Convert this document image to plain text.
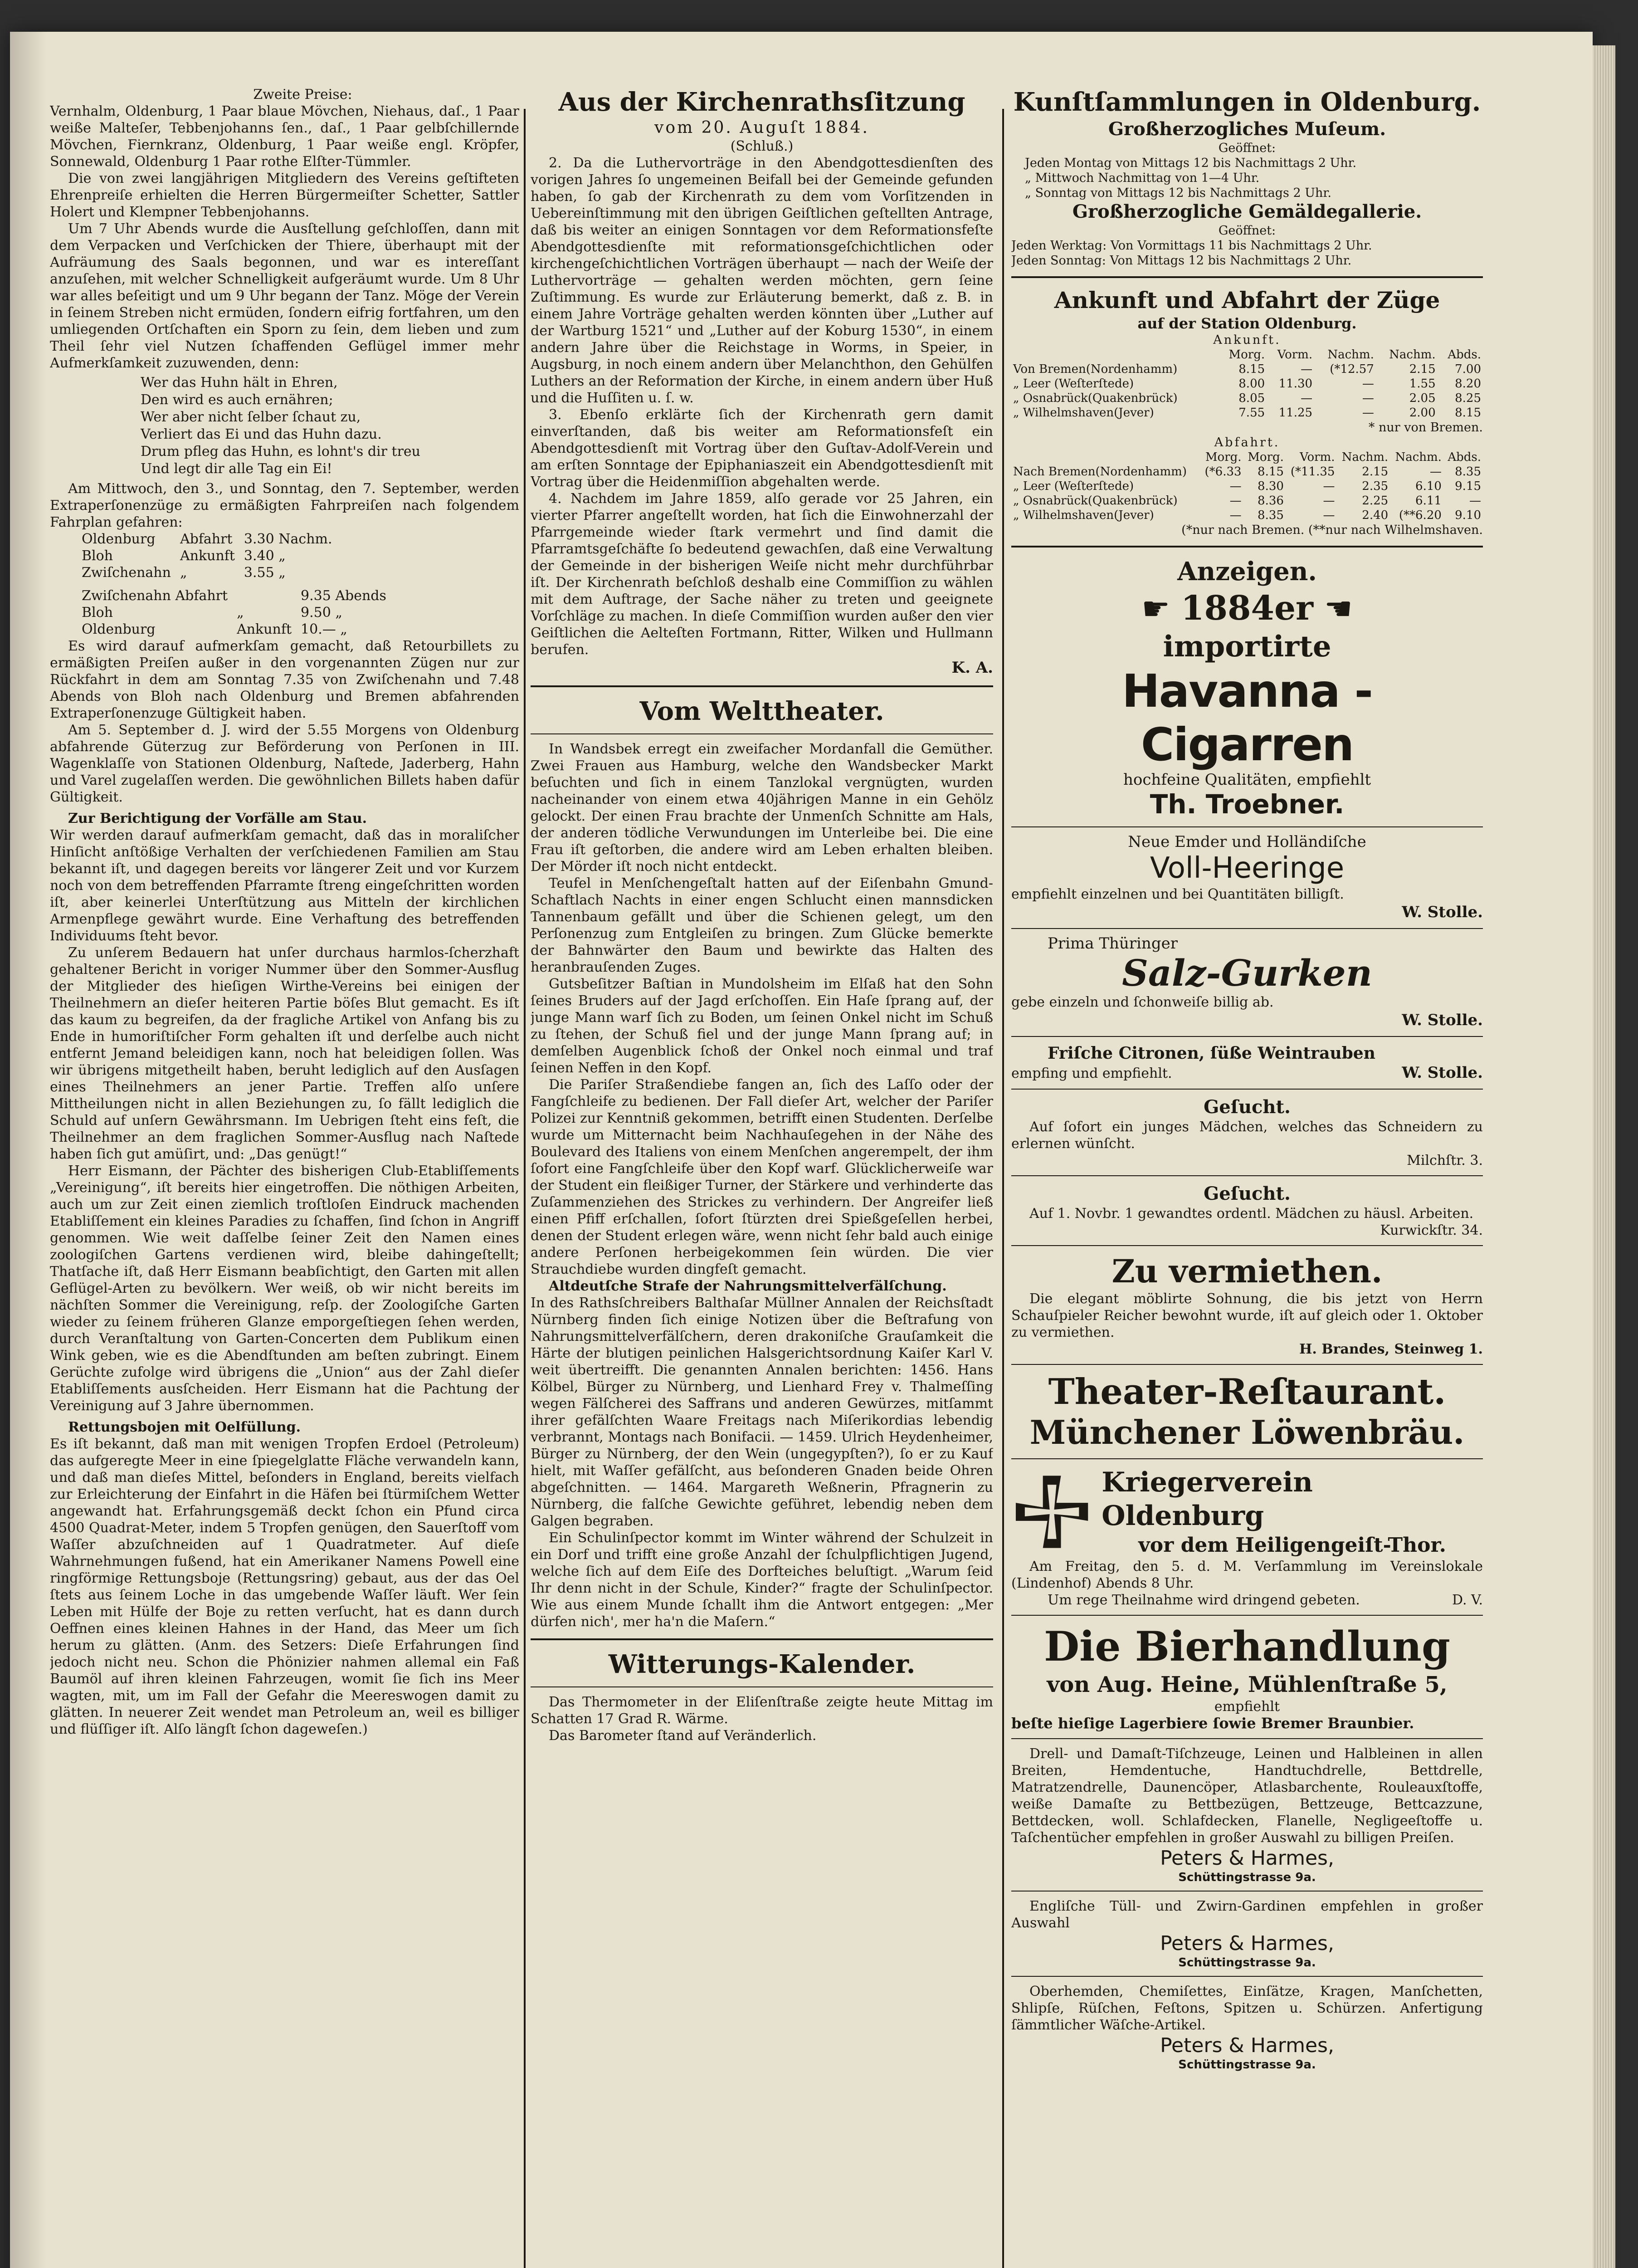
Zweite Preise:

Vernhalm, Oldenburg, 1 Paar blaue Mövchen, Niehaus, daſ., 1 Paar weiße Malteſer, Tebbenjohanns ſen., daſ., 1 Paar gelbſchillernde Mövchen, Fiernkranz, Oldenburg, 1 Paar weiße engl. Kröpfer, Sonnewald, Oldenburg 1 Paar rothe Elſter-Tümmler.

Die von zwei langjährigen Mitgliedern des Vereins geſtifteten Ehrenpreiſe erhielten die Herren Bürgermeiſter Schetter, Sattler Holert und Klempner Tebbenjohanns.

Um 7 Uhr Abends wurde die Ausſtellung geſchloſſen, dann mit dem Verpacken und Verſchicken der Thiere, überhaupt mit der Aufräumung des Saals begonnen, und war es intereſſant anzuſehen, mit welcher Schnelligkeit aufgeräumt wurde. Um 8 Uhr war alles beſeitigt und um 9 Uhr begann der Tanz. Möge der Verein in ſeinem Streben nicht ermüden, ſondern eifrig fortfahren, um den umliegenden Ortſchaften ein Sporn zu ſein, dem lieben und zum Theil ſehr viel Nutzen ſchaffenden Geflügel immer mehr Aufmerkſamkeit zuzuwenden, denn:

Wer das Huhn hält in Ehren,
Den wird es auch ernähren;
Wer aber nicht ſelber ſchaut zu,
Verliert das Ei und das Huhn dazu.
Drum pfleg das Huhn, es lohnt's dir treu
Und legt dir alle Tag ein Ei!

Am Mittwoch, den 3., und Sonntag, den 7. September, werden Extraperſonenzüge zu ermäßigten Fahrpreiſen nach folgendem Fahrplan gefahren:

Oldenburg	Abfahrt	3.30 Nachm.
Bloh	Ankunft	3.40 „
Zwiſchenahn	„	3.55 „
Zwiſchenahn Abfahrt		9.35 Abends
Bloh	„	9.50 „
Oldenburg	Ankunft	10.— „

Es wird darauf aufmerkſam gemacht, daß Retourbillets zu ermäßigten Preiſen außer in den vorgenannten Zügen nur zur Rückfahrt in dem am Sonntag 7.35 von Zwiſchenahn und 7.48 Abends von Bloh nach Oldenburg und Bremen abfahrenden Extraperſonenzuge Gültigkeit haben.

Am 5. September d. J. wird der 5.55 Morgens von Oldenburg abfahrende Güterzug zur Beförderung von Perſonen in III. Wagenklaſſe von Stationen Oldenburg, Naſtede, Jaderberg, Hahn und Varel zugelaſſen werden. Die gewöhnlichen Billets haben dafür Gültigkeit.

Zur Berichtigung der Vorfälle am Stau.

Wir werden darauf aufmerkſam gemacht, daß das in moraliſcher Hinſicht anſtößige Verhalten der verſchiedenen Familien am Stau bekannt iſt, und dagegen bereits vor längerer Zeit und vor Kurzem noch von dem betreffenden Pfarramte ſtreng eingeſchritten worden iſt, aber keinerlei Unterſtützung aus Mitteln der kirchlichen Armenpflege gewährt wurde. Eine Verhaftung des betreffenden Individuums ſteht bevor.

Zu unſerem Bedauern hat unſer durchaus harmlos-ſcherzhaft gehaltener Bericht in voriger Nummer über den Sommer-Ausflug der Mitglieder des hieſigen Wirthe-Vereins bei einigen der Theilnehmern an dieſer heiteren Partie böſes Blut gemacht. Es iſt das kaum zu begreifen, da der fragliche Artikel von Anfang bis zu Ende in humoriſtiſcher Form gehalten iſt und derſelbe auch nicht entfernt Jemand beleidigen kann, noch hat beleidigen ſollen. Was wir übrigens mitgetheilt haben, beruht lediglich auf den Ausſagen eines Theilnehmers an jener Partie. Treffen alſo unſere Mittheilungen nicht in allen Beziehungen zu, ſo fällt lediglich die Schuld auf unſern Gewährsmann. Im Uebrigen ſteht eins feſt, die Theilnehmer an dem fraglichen Sommer-Ausflug nach Naſtede haben ſich gut amüſirt, und: „Das genügt!“

Herr Eismann, der Pächter des bisherigen Club-Etabliſſements „Vereinigung“, iſt bereits hier eingetroffen. Die nöthigen Arbeiten, auch um zur Zeit einen ziemlich troſtloſen Eindruck machenden Etabliſſement ein kleines Paradies zu ſchaffen, ſind ſchon in Angriff genommen. Wie weit daſſelbe ſeiner Zeit den Namen eines zoologiſchen Gartens verdienen wird, bleibe dahingeſtellt; Thatſache iſt, daß Herr Eismann beabſichtigt, den Garten mit allen Geflügel-Arten zu bevölkern. Wer weiß, ob wir nicht bereits im nächſten Sommer die Vereinigung, reſp. der Zoologiſche Garten wieder zu ſeinem früheren Glanze emporgeſtiegen ſehen werden, durch Veranſtaltung von Garten-Concerten dem Publikum einen Wink geben, wie es die Abendſtunden am beſten zubringt. Einem Gerüchte zufolge wird übrigens die „Union“ aus der Zahl dieſer Etabliſſements ausſcheiden. Herr Eismann hat die Pachtung der Vereinigung auf 3 Jahre übernommen.

Rettungsbojen mit Oelfüllung.

Es iſt bekannt, daß man mit wenigen Tropfen Erdoel (Petroleum) das aufgeregte Meer in eine ſpiegelglatte Fläche verwandeln kann, und daß man dieſes Mittel, beſonders in England, bereits vielfach zur Erleichterung der Einfahrt in die Häfen bei ſtürmiſchem Wetter angewandt hat. Erfahrungsgemäß deckt ſchon ein Pfund circa 4500 Quadrat-Meter, indem 5 Tropfen genügen, den Sauerſtoff vom Waſſer abzuſchneiden auf 1 Quadratmeter. Auf dieſe Wahrnehmungen fußend, hat ein Amerikaner Namens Powell eine ringförmige Rettungsboje (Rettungsring) gebaut, aus der das Oel ſtets aus ſeinem Loche in das umgebende Waſſer läuft. Wer ſein Leben mit Hülfe der Boje zu retten verſucht, hat es dann durch Oeffnen eines kleinen Hahnes in der Hand, das Meer um ſich herum zu glätten. (Anm. des Setzers: Dieſe Erfahrungen ſind jedoch nicht neu. Schon die Phönizier nahmen allemal ein Faß Baumöl auf ihren kleinen Fahrzeugen, womit ſie ſich ins Meer wagten, mit, um im Fall der Gefahr die Meereswogen damit zu glätten. In neuerer Zeit wendet man Petroleum an, weil es billiger und flüſſiger iſt. Alſo längſt ſchon dageweſen.)

Aus der Kirchenrathsſitzung

vom 20. Auguſt 1884.

(Schluß.)

2. Da die Luthervorträge in den Abendgottesdienſten des vorigen Jahres ſo ungemeinen Beifall bei der Gemeinde gefunden haben, ſo gab der Kirchenrath zu dem vom Vorſitzenden in Uebereinſtimmung mit den übrigen Geiſtlichen geſtellten Antrage, daß bis weiter an einigen Sonntagen vor dem Reformationsfeſte Abendgottesdienſte mit reformationsgeſchichtlichen oder kirchengeſchichtlichen Vorträgen überhaupt — nach der Weiſe der Luthervorträge — gehalten werden möchten, gern ſeine Zuſtimmung. Es wurde zur Erläuterung bemerkt, daß z. B. in einem Jahre Vorträge gehalten werden könnten über „Luther auf der Wartburg 1521“ und „Luther auf der Koburg 1530“, in einem andern Jahre über die Reichstage in Worms, in Speier, in Augsburg, in noch einem andern über Melanchthon, den Gehülfen Luthers an der Reformation der Kirche, in einem andern über Huß und die Huſſiten u. ſ. w.

3. Ebenſo erklärte ſich der Kirchenrath gern damit einverſtanden, daß bis weiter am Reformationsfeſt ein Abendgottesdienſt mit Vortrag über den Guſtav-Adolf-Verein und am erſten Sonntage der Epiphaniaszeit ein Abendgottesdienſt mit Vortrag über die Heidenmiſſion abgehalten werde.

4. Nachdem im Jahre 1859, alſo gerade vor 25 Jahren, ein vierter Pfarrer angeſtellt worden, hat ſich die Einwohnerzahl der Pfarrgemeinde wieder ſtark vermehrt und ſind damit die Pfarramtsgeſchäfte ſo bedeutend gewachſen, daß eine Verwaltung der Gemeinde in der bisherigen Weiſe nicht mehr durchführbar iſt. Der Kirchenrath beſchloß deshalb eine Commiſſion zu wählen mit dem Auftrage, der Sache näher zu treten und geeignete Vorſchläge zu machen. In dieſe Commiſſion wurden außer den vier Geiſtlichen die Aelteſten Fortmann, Ritter, Wilken und Hullmann berufen.

K. A.

Vom Welttheater.

In Wandsbek erregt ein zweifacher Mordanfall die Gemüther. Zwei Frauen aus Hamburg, welche den Wandsbecker Markt beſuchten und ſich in einem Tanzlokal vergnügten, wurden nacheinander von einem etwa 40jährigen Manne in ein Gehölz gelockt. Der einen Frau brachte der Unmenſch Schnitte am Hals, der anderen tödliche Verwundungen im Unterleibe bei. Die eine Frau iſt geſtorben, die andere wird am Leben erhalten bleiben. Der Mörder iſt noch nicht entdeckt.

Teufel in Menſchengeſtalt hatten auf der Eiſenbahn Gmund-Schaftlach Nachts in einer engen Schlucht einen mannsdicken Tannenbaum gefällt und über die Schienen gelegt, um den Perſonenzug zum Entgleiſen zu bringen. Zum Glücke bemerkte der Bahnwärter den Baum und bewirkte das Halten des heranbrauſenden Zuges.

Gutsbeſitzer Baſtian in Mundolsheim im Elſaß hat den Sohn ſeines Bruders auf der Jagd erſchoſſen. Ein Haſe ſprang auf, der junge Mann warf ſich zu Boden, um ſeinen Onkel nicht im Schuß zu ſtehen, der Schuß fiel und der junge Mann ſprang auf; in demſelben Augenblick ſchoß der Onkel noch einmal und traf ſeinen Neffen in den Kopf.

Die Pariſer Straßendiebe fangen an, ſich des Laſſo oder der Fangſchleife zu bedienen. Der Fall dieſer Art, welcher der Pariſer Polizei zur Kenntniß gekommen, betrifft einen Studenten. Derſelbe wurde um Mitternacht beim Nachhauſegehen in der Nähe des Boulevard des Italiens von einem Menſchen angerempelt, der ihm ſofort eine Fangſchleife über den Kopf warf. Glücklicherweiſe war der Student ein fleißiger Turner, der Stärkere und verhinderte das Zuſammenziehen des Strickes zu verhindern. Der Angreifer ließ einen Pfiff erſchallen, ſofort ſtürzten drei Spießgeſellen herbei, denen der Student erlegen wäre, wenn nicht ſehr bald auch einige andere Perſonen herbeigekommen ſein würden. Die vier Strauchdiebe wurden dingfeſt gemacht.

Altdeutſche Strafe der Nahrungsmittelverfälſchung.

In des Rathsſchreibers Balthaſar Müllner Annalen der Reichsſtadt Nürnberg finden ſich einige Notizen über die Beſtrafung von Nahrungsmittelverfälſchern, deren drakoniſche Grauſamkeit die Härte der blutigen peinlichen Halsgerichtsordnung Kaiſer Karl V. weit übertreifft. Die genannten Annalen berichten: 1456. Hans Kölbel, Bürger zu Nürnberg, und Lienhard Frey v. Thalmeſſing wegen Fälſcherei des Saffrans und anderen Gewürzes, mitſammt ihrer gefälſchten Waare Freitags nach Miſerikordias lebendig verbrannt, Montags nach Bonifacii. — 1459. Ulrich Heydenheimer, Bürger zu Nürnberg, der den Wein (ungegypſten?), ſo er zu Kauf hielt, mit Waſſer gefälſcht, aus beſonderen Gnaden beide Ohren abgeſchnitten. — 1464. Margareth Weßnerin, Pfragnerin zu Nürnberg, die falſche Gewichte geführet, lebendig neben dem Galgen begraben.

Ein Schulinſpector kommt im Winter während der Schulzeit in ein Dorf und trifft eine große Anzahl der ſchulpflichtigen Jugend, welche ſich auf dem Eiſe des Dorfteiches beluſtigt. „Warum ſeid Ihr denn nicht in der Schule, Kinder?“ fragte der Schulinſpector. Wie aus einem Munde ſchallt ihm die Antwort entgegen: „Mer dürfen nich', mer ha'n die Maſern.“

Witterungs-Kalender.

Das Thermometer in der Eliſenſtraße zeigte heute Mittag im Schatten 17 Grad R. Wärme.

Das Barometer ſtand auf Veränderlich.

Kunſtſammlungen in Oldenburg.

Großherzogliches Muſeum.

Geöffnet:

Jeden Montag von Mittags 12 bis Nachmittags 2 Uhr.

„ Mittwoch Nachmittag von 1—4 Uhr.

„ Sonntag von Mittags 12 bis Nachmittags 2 Uhr.

Großherzogliche Gemäldegallerie.

Geöffnet:

Jeden Werktag: Von Vormittags 11 bis Nachmittags 2 Uhr.

Jeden Sonntag: Von Mittags 12 bis Nachmittags 2 Uhr.

Ankunft und Abfahrt der Züge

auf der Station Oldenburg.

Ankunft.

	Morg.	Vorm.	Nachm.	Nachm.	Abds.
Von Bremen(Nordenhamm)	8.15	—	(*12.57	2.15	7.00
„ Leer (Weſterſtede)	8.00	11.30	—	1.55	8.20
„ Osnabrück(Quakenbrück)	8.05	—	—	2.05	8.25
„ Wilhelmshaven(Jever)	7.55	11.25	—	2.00	8.15

* nur von Bremen.

Abfahrt.

	Morg.	Morg.	Vorm.	Nachm.	Nachm.	Abds.
Nach Bremen(Nordenhamm)	(*6.33	8.15	(*11.35	2.15	—	8.35
„ Leer (Weſterſtede)	—	8.30	—	2.35	6.10	9.15
„ Osnabrück(Quakenbrück)	—	8.36	—	2.25	6.11	—
„ Wilhelmshaven(Jever)	—	8.35	—	2.40	(**6.20	9.10

(*nur nach Bremen. (**nur nach Wilhelmshaven.

Anzeigen.

☛ 1884er ☚

importirte

Havanna - Cigarren

hochfeine Qualitäten, empfiehlt

Th. Troebner.

Neue Emder und Holländiſche

Voll-Heeringe

empfiehlt einzelnen und bei Quantitäten billigſt.

W. Stolle.

Prima Thüringer

Salz-Gurken

gebe einzeln und ſchonweiſe billig ab.

W. Stolle.

Friſche Citronen, ſüße Weintrauben

empfing und empfiehlt.	W. Stolle.

Geſucht.

Auf ſofort ein junges Mädchen, welches das Schneidern zu erlernen wünſcht.

Milchſtr. 3.

Geſucht.

Auf 1. Novbr. 1 gewandtes ordentl. Mädchen zu häusl. Arbeiten.

Kurwickſtr. 34.

Zu vermiethen.

Die elegant möblirte Sohnung, die bis jetzt von Herrn Schauſpieler Reicher bewohnt wurde, iſt auf gleich oder 1. Oktober zu vermiethen.

H. Brandes, Steinweg 1.

Theater-Reſtaurant.

Münchener Löwenbräu.

Kriegerverein Oldenburg

vor dem Heiligengeiſt-Thor.

Am Freitag, den 5. d. M. Verſammlung im Vereinslokale (Lindenhof) Abends 8 Uhr.

Um rege Theilnahme wird dringend gebeten.	D. V.

Die Bierhandlung

von Aug. Heine, Mühlenſtraße 5,

empfiehlt

beſte hieſige Lagerbiere ſowie Bremer Braunbier.

Drell- und Damaſt-Tiſchzeuge, Leinen und Halbleinen in allen Breiten, Hemdentuche, Handtuchdrelle, Bettdrelle, Matratzendrelle, Daunencöper, Atlasbarchente, Rouleauxſtoffe, weiße Damaſte zu Bettbezügen, Bettzeuge, Bettcazzune, Bettdecken, woll. Schlafdecken, Flanelle, Negligeeſtoffe u. Taſchentücher empfehlen in großer Auswahl zu billigen Preiſen.

Peters & Harmes,

Schüttingstrasse 9a.

Engliſche Tüll- und Zwirn-Gardinen empfehlen in großer Auswahl

Peters & Harmes,

Schüttingstrasse 9a.

Oberhemden, Chemiſettes, Einſätze, Kragen, Manſchetten, Shlipſe, Rüſchen, Feſtons, Spitzen u. Schürzen. Anfertigung ſämmtlicher Wäſche-Artikel.

Peters & Harmes,

Schüttingstrasse 9a.
